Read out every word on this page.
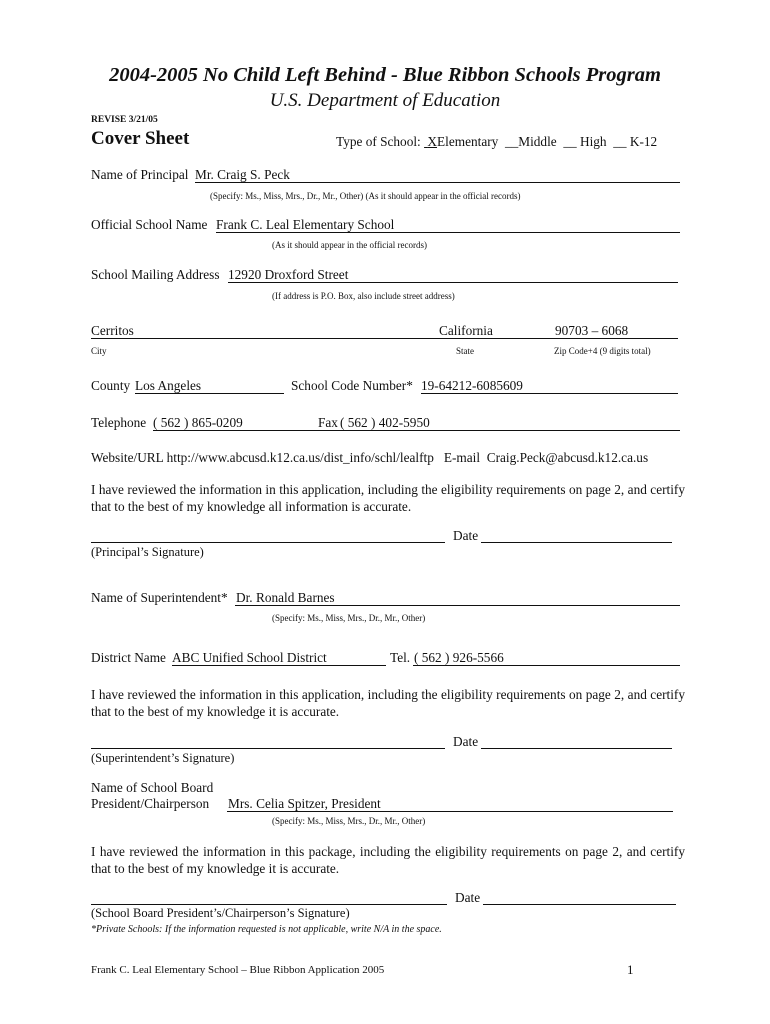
2004-2005 No Child Left Behind - Blue Ribbon Schools Program
U.S. Department of Education
REVISE 3/21/05
Cover Sheet	Type of School: XElementary __Middle __ High __ K-12
Name of Principal Mr. Craig S. Peck
(Specify: Ms., Miss, Mrs., Dr., Mr., Other) (As it should appear in the official records)
Official School Name Frank C. Leal Elementary School
(As it should appear in the official records)
School Mailing Address 12920 Droxford Street
(If address is P.O. Box, also include street address)
Cerritos	California	90703 – 6068
City	State	Zip Code+4 (9 digits total)
County Los Angeles	School Code Number* 19-64212-6085609
Telephone ( 562 ) 865-0209	Fax ( 562 ) 402-5950
Website/URL http://www.abcusd.k12.ca.us/dist_info/schl/lealftp E-mail Craig.Peck@abcusd.k12.ca.us
I have reviewed the information in this application, including the eligibility requirements on page 2, and certify that to the best of my knowledge all information is accurate.
Date
(Principal’s Signature)
Name of Superintendent* Dr. Ronald Barnes
(Specify: Ms., Miss, Mrs., Dr., Mr., Other)
District Name ABC Unified School District	Tel. ( 562 ) 926-5566
I have reviewed the information in this application, including the eligibility requirements on page 2, and certify that to the best of my knowledge it is accurate.
Date
(Superintendent’s Signature)
Name of School Board
President/Chairperson Mrs. Celia Spitzer, President
(Specify: Ms., Miss, Mrs., Dr., Mr., Other)
I have reviewed the information in this package, including the eligibility requirements on page 2, and certify that to the best of my knowledge it is accurate.
Date
(School Board President’s/Chairperson’s Signature)
*Private Schools: If the information requested is not applicable, write N/A in the space.
Frank C. Leal Elementary School – Blue Ribbon Application 2005	1
